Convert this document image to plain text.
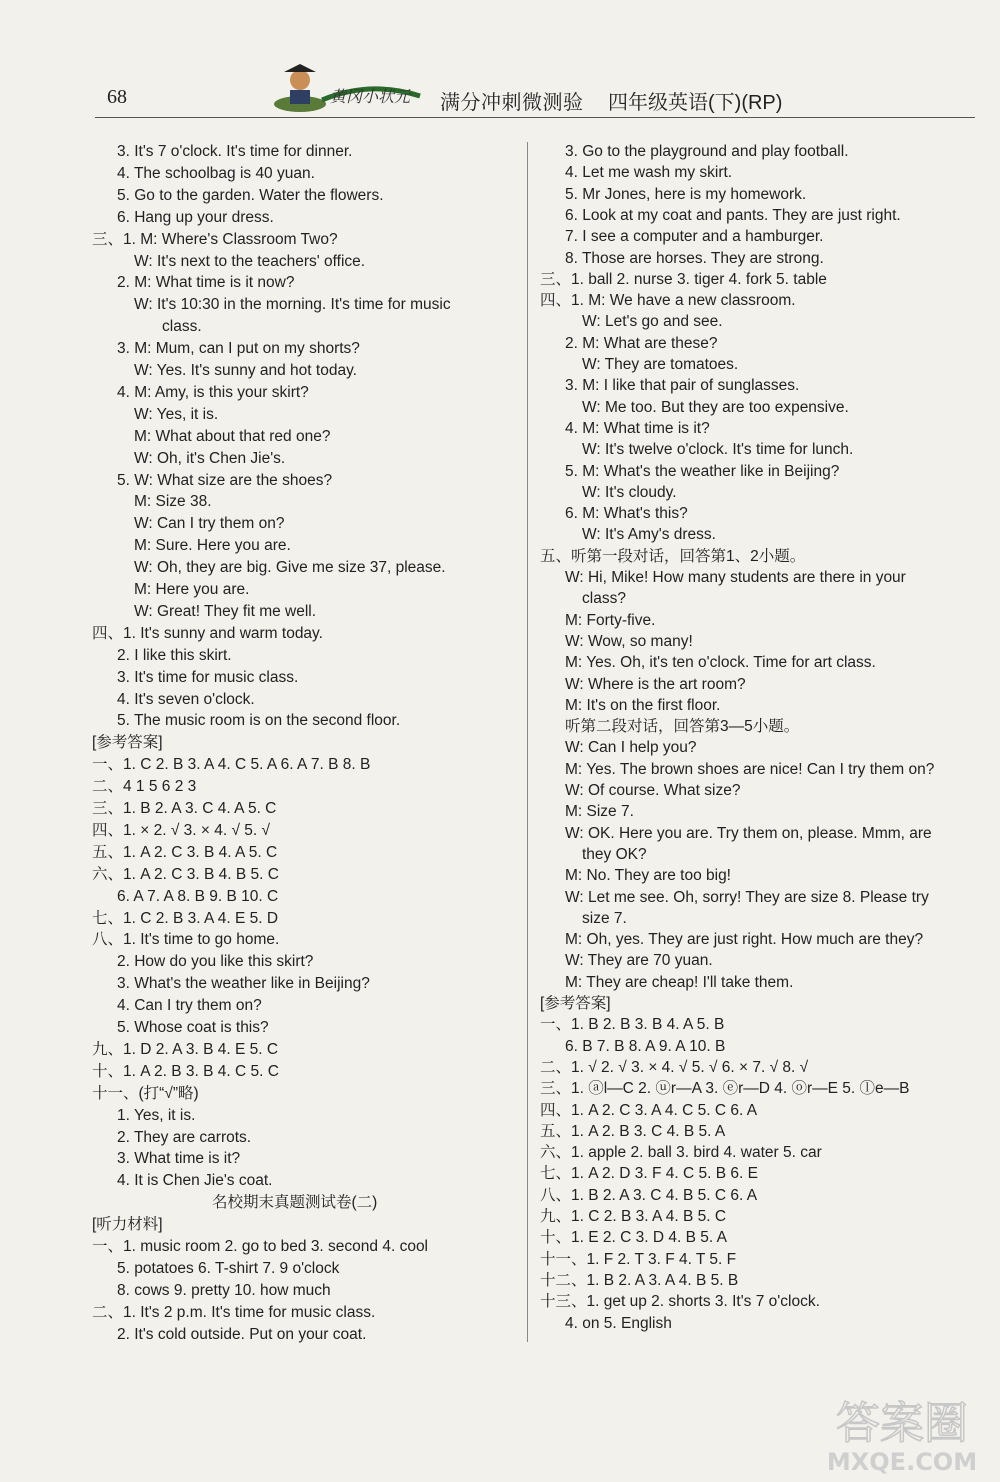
68	黄冈小状元 满分冲刺微测验 四年级英语(下)(RP)
3. It's 7 o'clock. It's time for dinner.
4. The schoolbag is 40 yuan.
5. Go to the garden. Water the flowers.
6. Hang up your dress.
三、1. M: Where's Classroom Two?
W: It's next to the teachers' office.
2. M: What time is it now?
W: It's 10:30 in the morning. It's time for music
class.
3. M: Mum, can I put on my shorts?
W: Yes. It's sunny and hot today.
4. M: Amy, is this your skirt?
W: Yes, it is.
M: What about that red one?
W: Oh, it's Chen Jie's.
5. W: What size are the shoes?
M: Size 38.
W: Can I try them on?
M: Sure. Here you are.
W: Oh, they are big. Give me size 37, please.
M: Here you are.
W: Great! They fit me well.
四、1. It's sunny and warm today.
2. I like this skirt.
3. It's time for music class.
4. It's seven o'clock.
5. The music room is on the second floor.
[参考答案]
一、1. C 2. B 3. A 4. C 5. A 6. A 7. B 8. B
二、4 1 5 6 2 3
三、1. B 2. A 3. C 4. A 5. C
四、1. × 2. √ 3. × 4. √ 5. √
五、1. A 2. C 3. B 4. A 5. C
六、1. A 2. C 3. B 4. B 5. C
6. A 7. A 8. B 9. B 10. C
七、1. C 2. B 3. A 4. E 5. D
八、1. It's time to go home.
2. How do you like this skirt?
3. What's the weather like in Beijing?
4. Can I try them on?
5. Whose coat is this?
九、1. D 2. A 3. B 4. E 5. C
十、1. A 2. B 3. B 4. C 5. C
十一、(打“√”略)
1. Yes, it is.
2. They are carrots.
3. What time is it?
4. It is Chen Jie's coat.
名校期末真题测试卷(二)
[听力材料]
一、1. music room 2. go to bed 3. second 4. cool
5. potatoes 6. T-shirt 7. 9 o'clock
8. cows 9. pretty 10. how much
二、1. It's 2 p.m. It's time for music class.
2. It's cold outside. Put on your coat.
3. Go to the playground and play football.
4. Let me wash my skirt.
5. Mr Jones, here is my homework.
6. Look at my coat and pants. They are just right.
7. I see a computer and a hamburger.
8. Those are horses. They are strong.
三、1. ball 2. nurse 3. tiger 4. fork 5. table
四、1. M: We have a new classroom.
W: Let's go and see.
2. M: What are these?
W: They are tomatoes.
3. M: I like that pair of sunglasses.
W: Me too. But they are too expensive.
4. M: What time is it?
W: It's twelve o'clock. It's time for lunch.
5. M: What's the weather like in Beijing?
W: It's cloudy.
6. M: What's this?
W: It's Amy's dress.
五、听第一段对话，回答第1、2小题。
W: Hi, Mike! How many students are there in your
class?
M: Forty-five.
W: Wow, so many!
M: Yes. Oh, it's ten o'clock. Time for art class.
W: Where is the art room?
M: It's on the first floor.
听第二段对话，回答第3—5小题。
W: Can I help you?
M: Yes. The brown shoes are nice! Can I try them on?
W: Of course. What size?
M: Size 7.
W: OK. Here you are. Try them on, please. Mmm, are
they OK?
M: No. They are too big!
W: Let me see. Oh, sorry! They are size 8. Please try
size 7.
M: Oh, yes. They are just right. How much are they?
W: They are 70 yuan.
M: They are cheap! I'll take them.
[参考答案]
一、1. B 2. B 3. B 4. A 5. B
6. B 7. B 8. A 9. A 10. B
二、1. √ 2. √ 3. × 4. √ 5. √ 6. × 7. √ 8. √
三、1. ⓐl—C 2. ⓤr—A 3. ⓔr—D 4. ⓞr—E 5. ⓛe—B
四、1. A 2. C 3. A 4. C 5. C 6. A
五、1. A 2. B 3. C 4. B 5. A
六、1. apple 2. ball 3. bird 4. water 5. car
七、1. A 2. D 3. F 4. C 5. B 6. E
八、1. B 2. A 3. C 4. B 5. C 6. A
九、1. C 2. B 3. A 4. B 5. C
十、1. E 2. C 3. D 4. B 5. A
十一、1. F 2. T 3. F 4. T 5. F
十二、1. B 2. A 3. A 4. B 5. B
十三、1. get up 2. shorts 3. It's 7 o'clock.
4. on 5. English
答案圈
MXQE.COM
